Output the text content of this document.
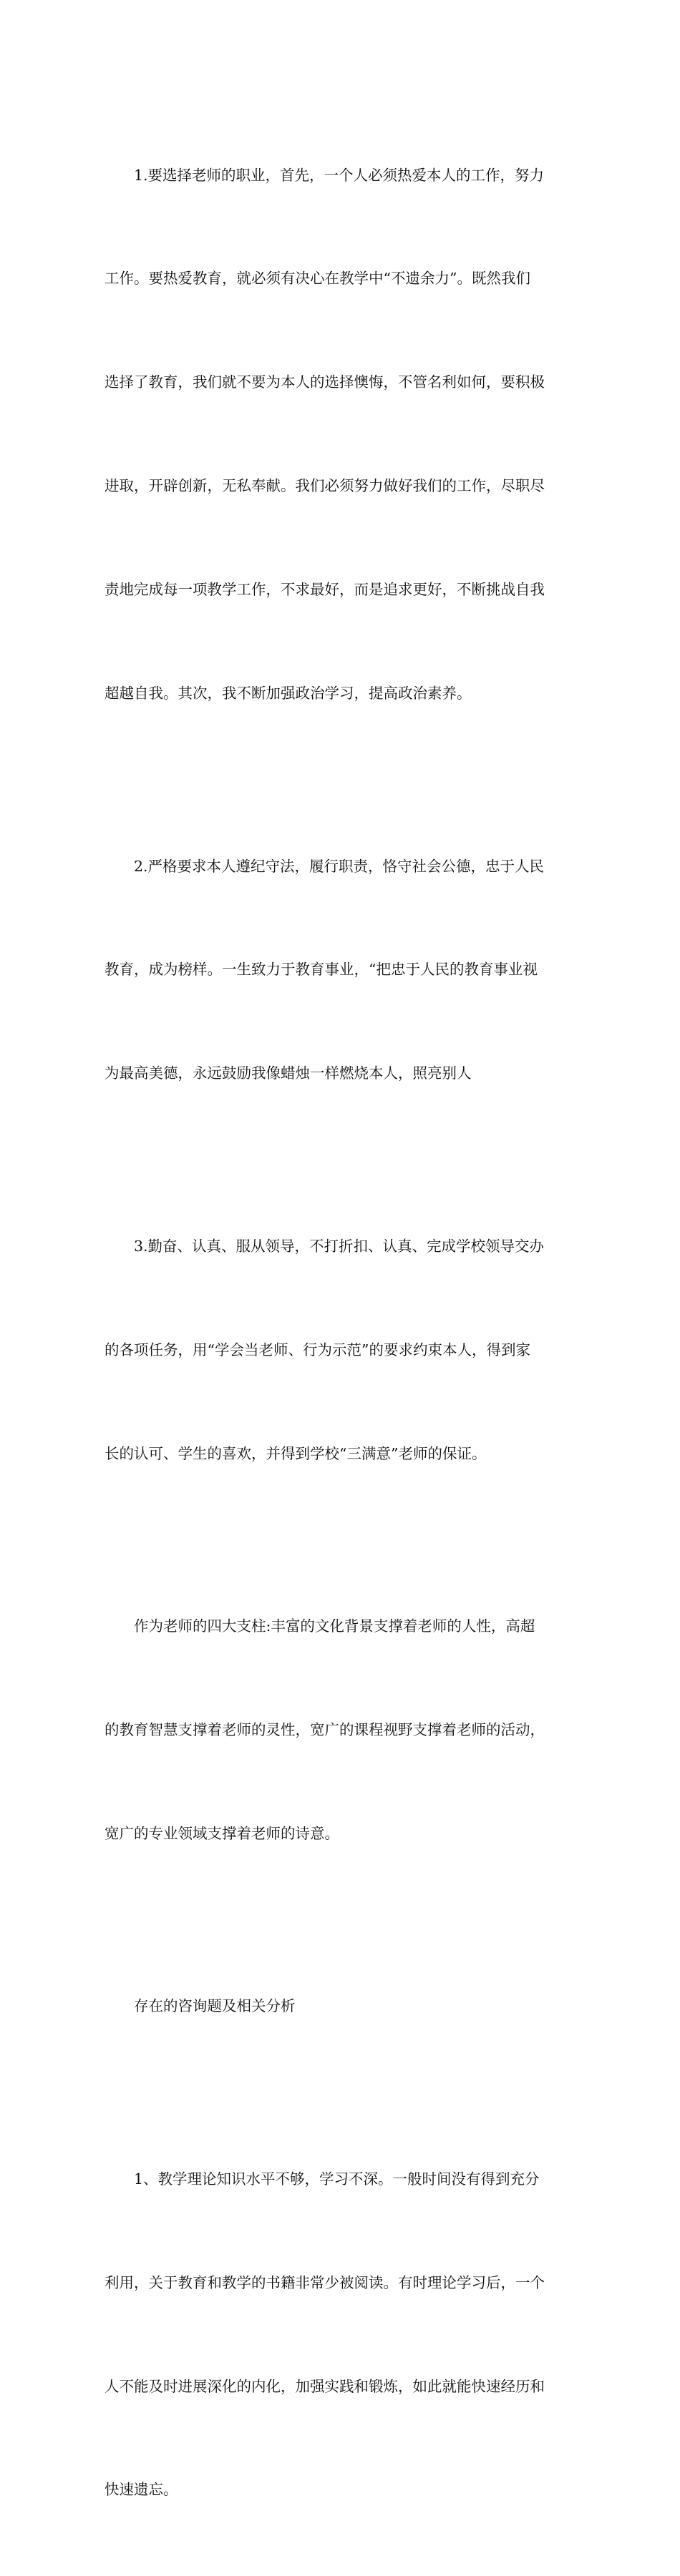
1.要选择老师的职业，首先，一个人必须热爱本人的工作，努力

工作。要热爱教育，就必须有决心在教学中“不遗余力”。既然我们

选择了教育，我们就不要为本人的选择懊悔，不管名利如何，要积极

进取，开辟创新，无私奉献。我们必须努力做好我们的工作，尽职尽

责地完成每一项教学工作，不求最好，而是追求更好，不断挑战自我

超越自我。其次，我不断加强政治学习，提高政治素养。

2.严格要求本人遵纪守法，履行职责，恪守社会公德，忠于人民

教育，成为榜样。一生致力于教育事业，“把忠于人民的教育事业视

为最高美德，永远鼓励我像蜡烛一样燃烧本人，照亮别人

3.勤奋、认真、服从领导，不打折扣、认真、完成学校领导交办

的各项任务，用“学会当老师、行为示范”的要求约束本人，得到家

长的认可、学生的喜欢，并得到学校“三满意”老师的保证。

作为老师的四大支柱:丰富的文化背景支撑着老师的人性，高超

的教育智慧支撑着老师的灵性，宽广的课程视野支撑着老师的活动，

宽广的专业领域支撑着老师的诗意。

存在的咨询题及相关分析

1、教学理论知识水平不够，学习不深。一般时间没有得到充分

利用，关于教育和教学的书籍非常少被阅读。有时理论学习后，一个

人不能及时进展深化的内化，加强实践和锻炼，如此就能快速经历和

快速遗忘。
